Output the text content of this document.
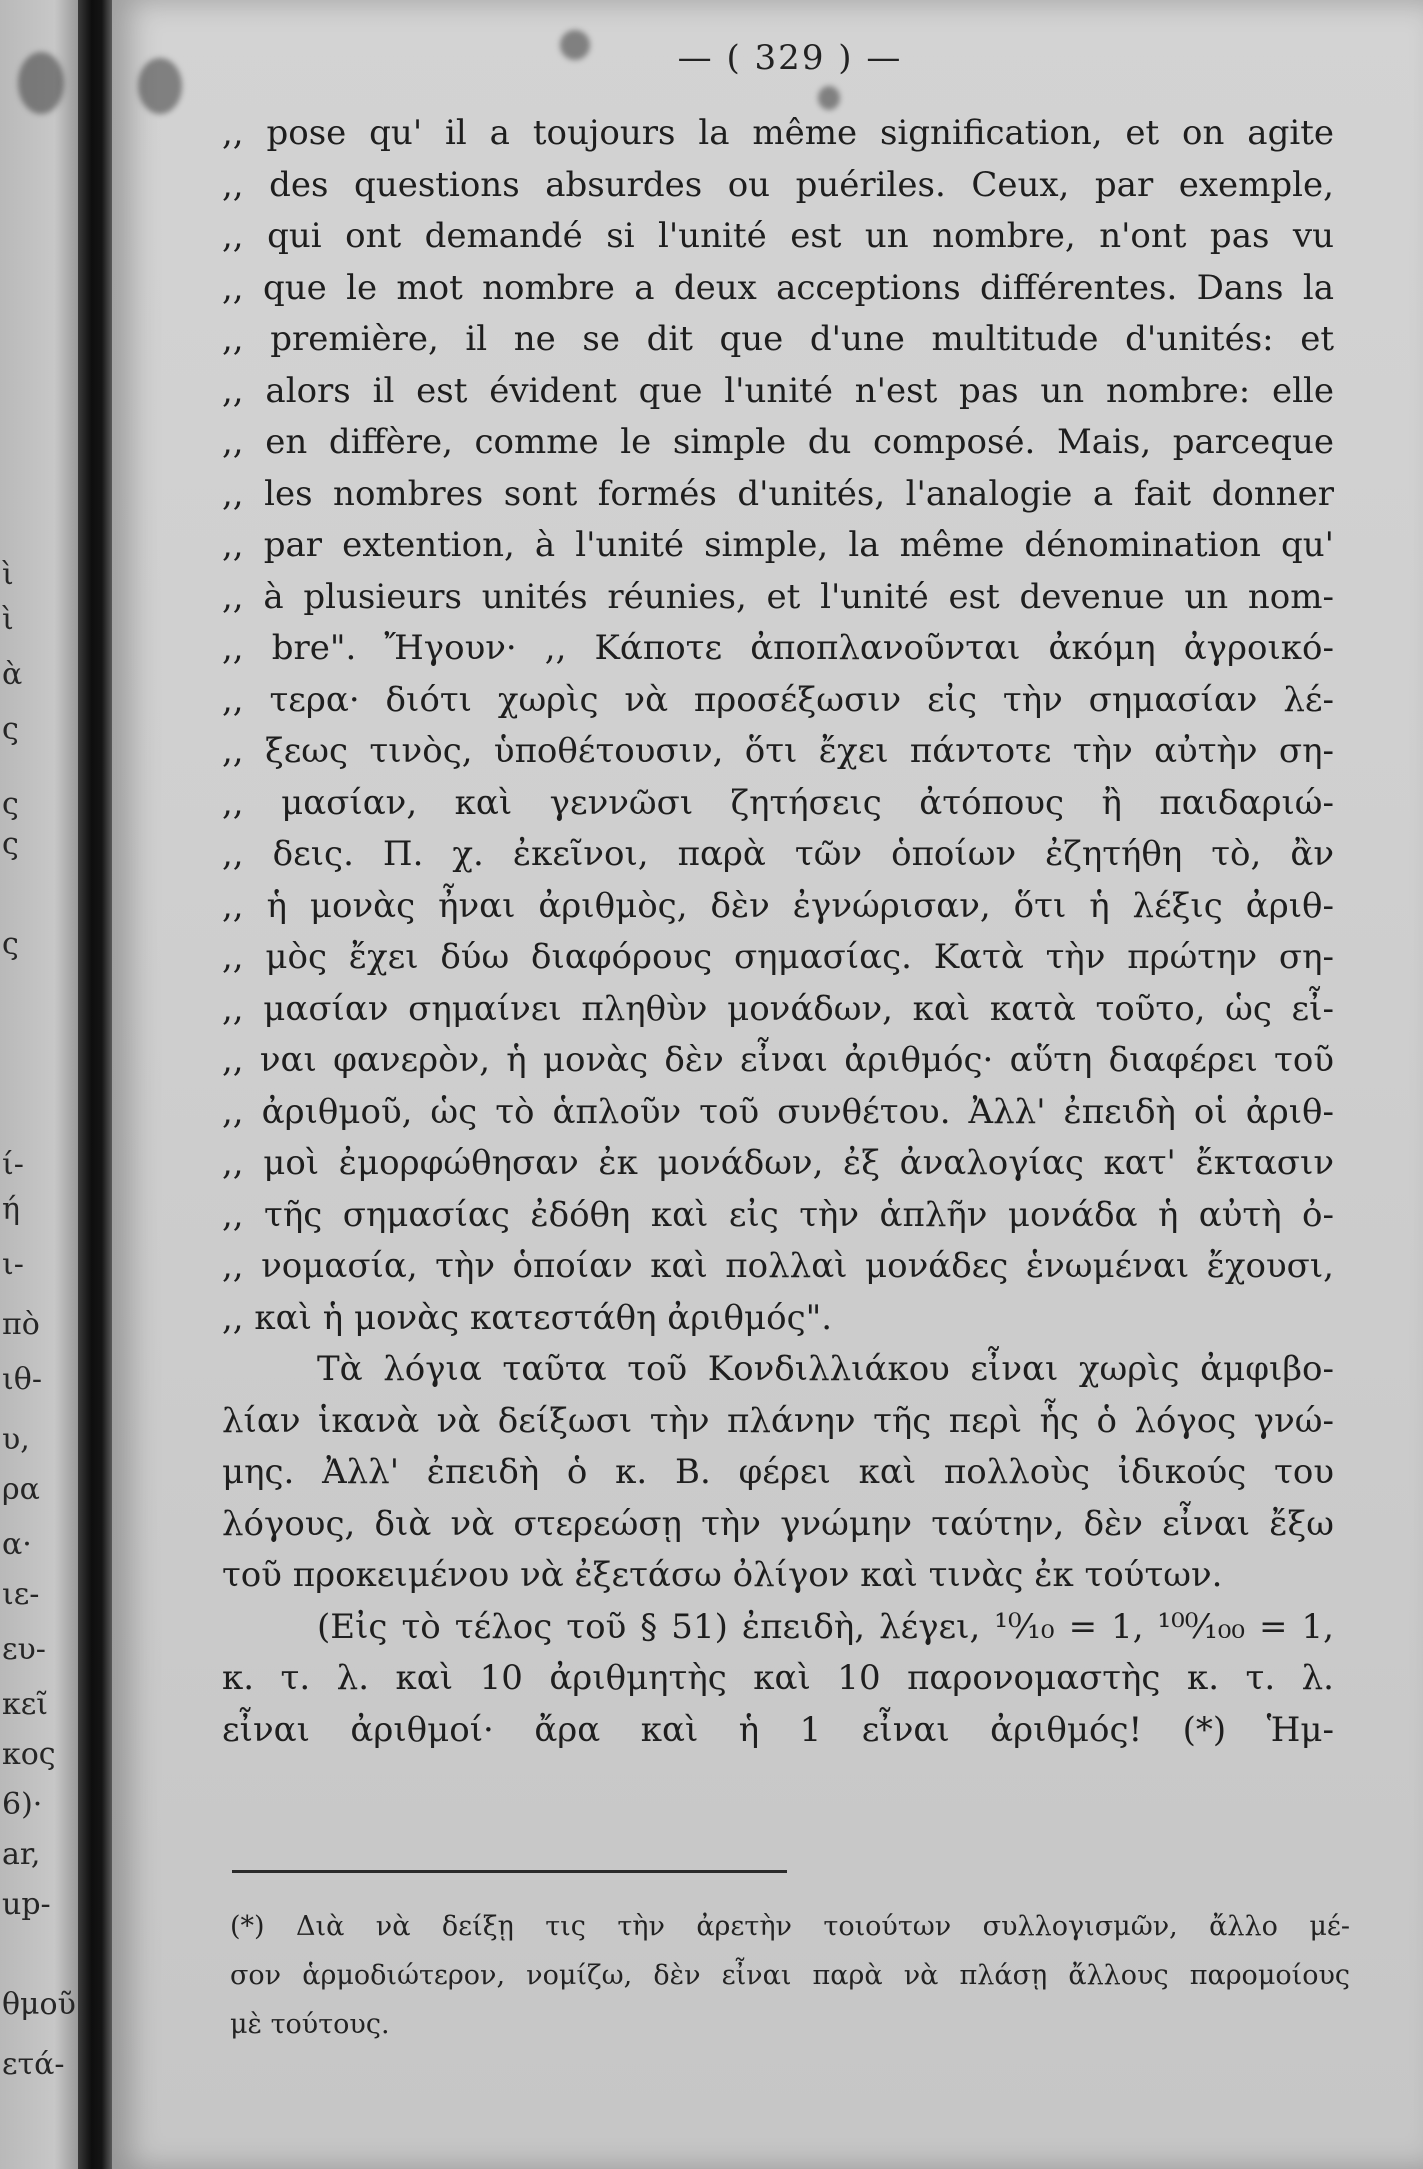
ὶ
ὶ
ὰ
ς
ς
ς
ς
ί-
ή
ι-
πὸ
ιθ-
υ,
ρα
α·
ιε-
ευ-
κεῖ
κος
6)·
ar,
up-
θμοῦ
ετά-
— ( 329 ) —
,, pose qu' il a toujours la même signification, et on agite
,, des questions absurdes ou puériles. Ceux, par exemple,
,, qui ont demandé si l'unité est un nombre, n'ont pas vu
,, que le mot nombre a deux acceptions différentes. Dans la
,, première, il ne se dit que d'une multitude d'unités: et
,, alors il est évident que l'unité n'est pas un nombre: elle
,, en diffère, comme le simple du composé. Mais, parceque
,, les nombres sont formés d'unités, l'analogie a fait donner
,, par extention, à l'unité simple, la même dénomination qu'
,, à plusieurs unités réunies, et l'unité est devenue un nom-
,, bre". Ἤγουν· ,, Κάποτε ἀποπλανοῦνται ἀκόμη ἀγροικό-
,, τερα· διότι χωρὶς νὰ προσέξωσιν εἰς τὴν σημασίαν λέ-
,, ξεως τινὸς, ὑποθέτουσιν, ὅτι ἔχει πάντοτε τὴν αὐτὴν ση-
,, μασίαν, καὶ γεννῶσι ζητήσεις ἀτόπους ἢ παιδαριώ-
,, δεις. Π. χ. ἐκεῖνοι, παρὰ τῶν ὁποίων ἐζητήθη τὸ, ἂν
,, ἡ μονὰς ἦναι ἀριθμὸς, δὲν ἐγνώρισαν, ὅτι ἡ λέξις ἀριθ-
,, μὸς ἔχει δύω διαφόρους σημασίας. Κατὰ τὴν πρώτην ση-
,, μασίαν σημαίνει πληθὺν μονάδων, καὶ κατὰ τοῦτο, ὡς εἶ-
,, ναι φανερὸν, ἡ μονὰς δὲν εἶναι ἀριθμός· αὕτη διαφέρει τοῦ
,, ἀριθμοῦ, ὡς τὸ ἁπλοῦν τοῦ συνθέτου. Ἀλλ' ἐπειδὴ οἱ ἀριθ-
,, μοὶ ἐμορφώθησαν ἐκ μονάδων, ἐξ ἀναλογίας κατ' ἔκτασιν
,, τῆς σημασίας ἐδόθη καὶ εἰς τὴν ἁπλῆν μονάδα ἡ αὐτὴ ὀ-
,, νομασία, τὴν ὁποίαν καὶ πολλαὶ μονάδες ἑνωμέναι ἔχουσι,
,, καὶ ἡ μονὰς κατεστάθη ἀριθμός".
Τὰ λόγια ταῦτα τοῦ Κονδιλλιάκου εἶναι χωρὶς ἀμφιβο-
λίαν ἱκανὰ νὰ δείξωσι τὴν πλάνην τῆς περὶ ἧς ὁ λόγος γνώ-
μης. Ἀλλ' ἐπειδὴ ὁ κ. Β. φέρει καὶ πολλοὺς ἰδικούς του
λόγους, διὰ νὰ στερεώσῃ τὴν γνώμην ταύτην, δὲν εἶναι ἔξω
τοῦ προκειμένου νὰ ἐξετάσω ὀλίγον καὶ τινὰς ἐκ τούτων.
(Εἰς τὸ τέλος τοῦ § 51) ἐπειδὴ, λέγει, ¹⁰⁄₁₀ = 1, ¹⁰⁰⁄₁₀₀ = 1,
κ. τ. λ. καὶ 10 ἀριθμητὴς καὶ 10 παρονομαστὴς κ. τ. λ.
εἶναι ἀριθμοί· ἄρα καὶ ἡ 1 εἶναι ἀριθμός! (*) Ἡμ-
(*) Διὰ νὰ δείξῃ τις τὴν ἀρετὴν τοιούτων συλλογισμῶν, ἄλλο μέ-
σον ἁρμοδιώτερον, νομίζω, δὲν εἶναι παρὰ νὰ πλάσῃ ἄλλους παρομοίους
μὲ τούτους.
